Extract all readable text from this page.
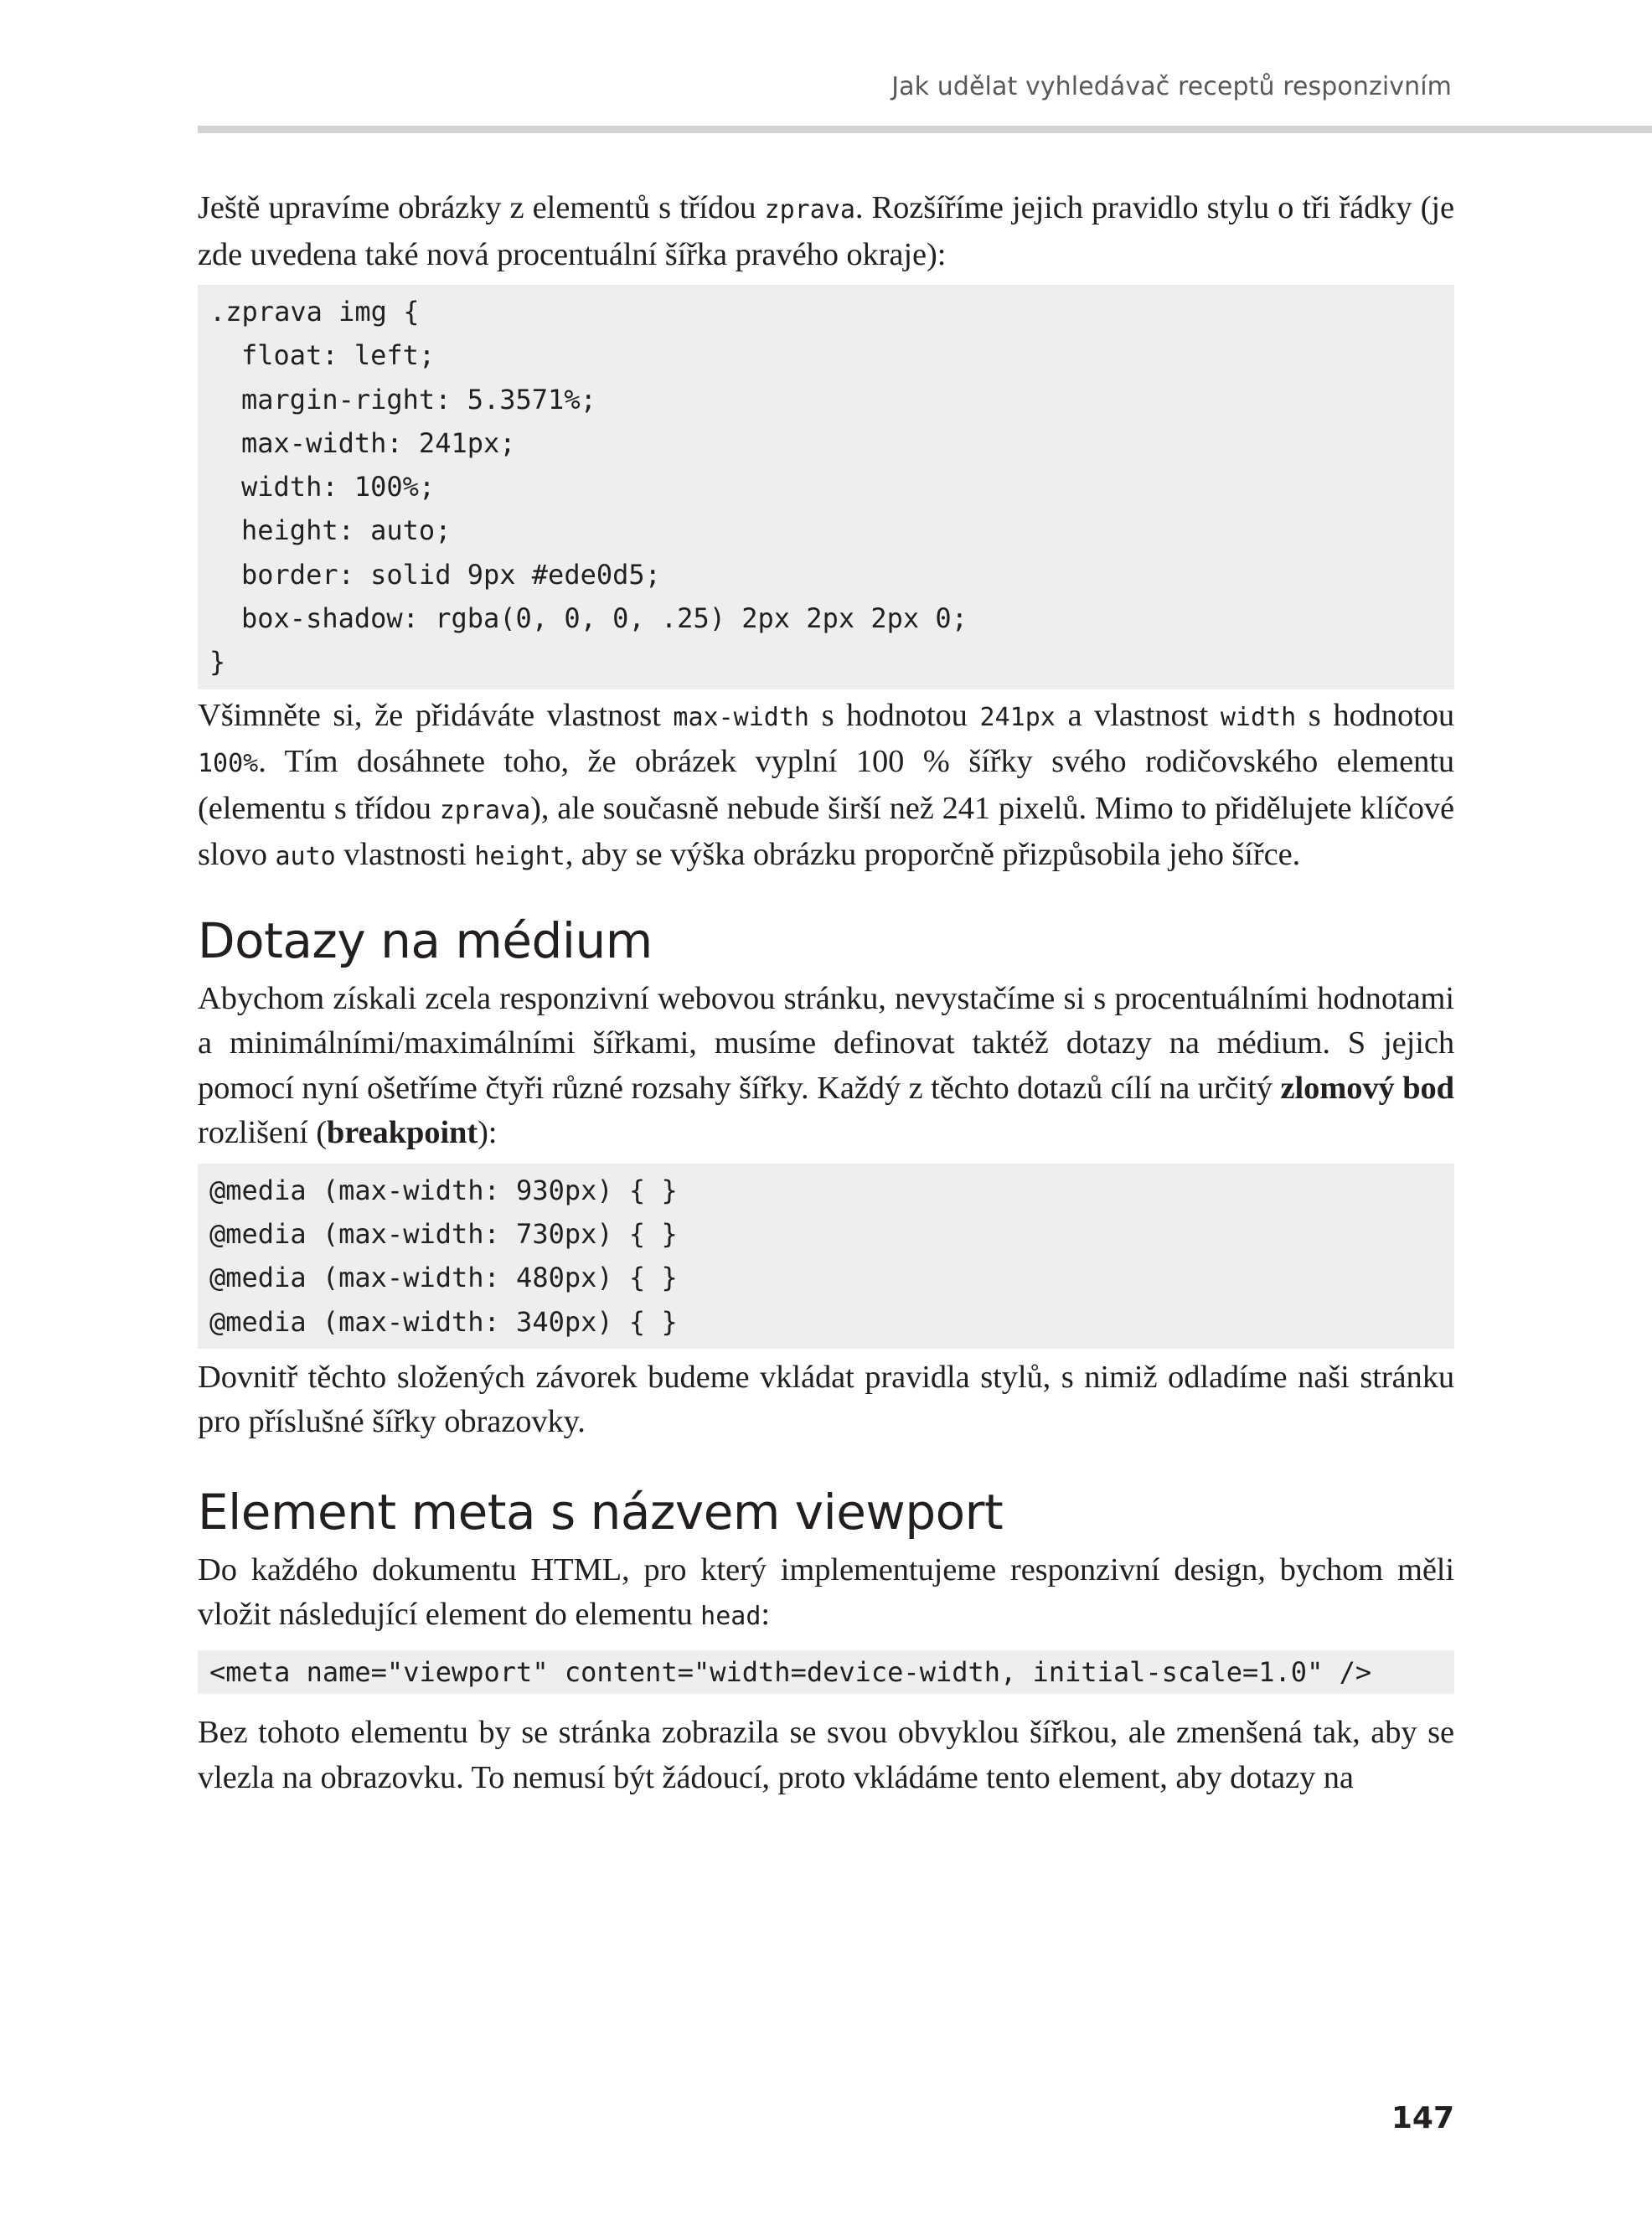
Jak udělat vyhledávač receptů responzivním

Ještě upravíme obrázky z elementů s třídou zprava. Rozšíříme jejich pravidlo stylu o tři řádky (je zde uvedena také nová procentuální šířka pravého okraje):

.zprava img {
float: left;
margin-right: 5.3571%;
max-width: 241px;
width: 100%;
height: auto;
border: solid 9px #ede0d5;
box-shadow: rgba(0, 0, 0, .25) 2px 2px 2px 0;
}

Všimněte si, že přidáváte vlastnost max-width s hodnotou 241px a vlastnost width s hodnotou 100%. Tím dosáhnete toho, že obrázek vyplní 100 % šířky svého rodičovského elementu (elementu s třídou zprava), ale současně nebude širší než 241 pixelů. Mimo to přidělujete klíčové slovo auto vlastnosti height, aby se výška obrázku proporčně přizpůsobila jeho šířce.

Dotazy na médium

Abychom získali zcela responzivní webovou stránku, nevystačíme si s procentuálními hodnotami a minimálními/maximálními šířkami, musíme definovat taktéž dotazy na médium. S jejich pomocí nyní ošetříme čtyři různé rozsahy šířky. Každý z těchto dotazů cílí na určitý zlomový bod rozlišení (breakpoint):

@media (max-width: 930px) { }
@media (max-width: 730px) { }
@media (max-width: 480px) { }
@media (max-width: 340px) { }

Dovnitř těchto složených závorek budeme vkládat pravidla stylů, s nimiž odladíme naši stránku pro příslušné šířky obrazovky.

Element meta s názvem viewport

Do každého dokumentu HTML, pro který implementujeme responzivní design, bychom měli vložit následující element do elementu head:

<meta name="viewport" content="width=device-width, initial-scale=1.0" />

Bez tohoto elementu by se stránka zobrazila se svou obvyklou šířkou, ale zmenšená tak, aby se vlezla na obrazovku. To nemusí být žádoucí, proto vkládáme tento element, aby dotazy na

147
